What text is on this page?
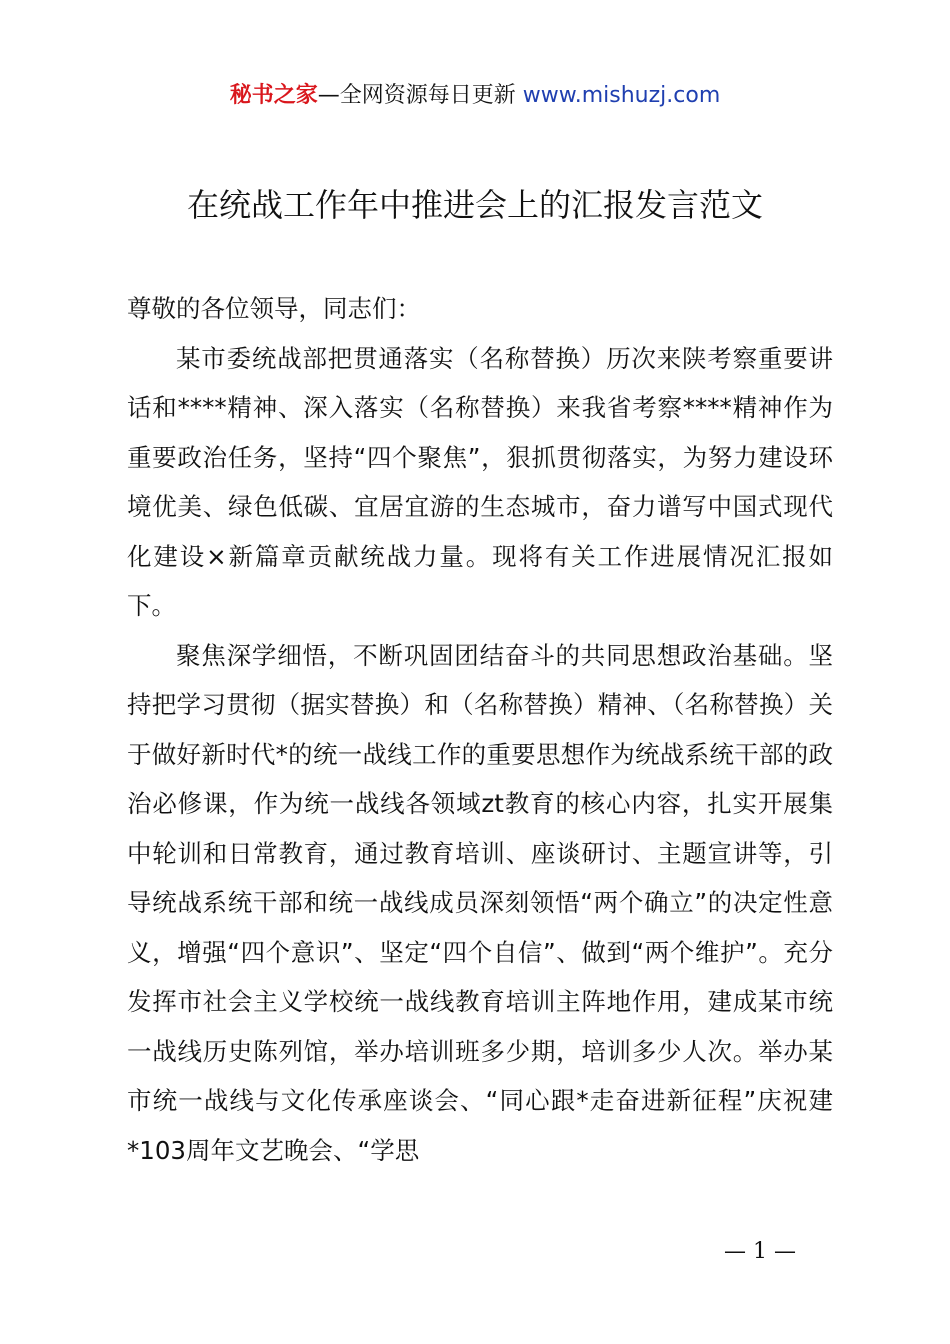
秘书之家—全网资源每日更新 www.mishuzj.com
在统战工作年中推进会上的汇报发言范文

尊敬的各位领导，同志们：

某市委统战部把贯通落实（名称替换）历次来陕考察重要讲话和****精神、深入落实（名称替换）来我省考察****精神作为重要政治任务，坚持“四个聚焦”，狠抓贯彻落实，为努力建设环境优美、绿色低碳、宜居宜游的生态城市，奋力谱写中国式现代化建设×新篇章贡献统战力量。现将有关工作进展情况汇报如下。

聚焦深学细悟，不断巩固团结奋斗的共同思想政治基础。坚持把学习贯彻（据实替换）和（名称替换）精神、（名称替换）关于做好新时代*的统一战线工作的重要思想作为统战系统干部的政治必修课，作为统一战线各领域zt教育的核心内容，扎实开展集中轮训和日常教育，通过教育培训、座谈研讨、主题宣讲等，引导统战系统干部和统一战线成员深刻领悟“两个确立”的决定性意义，增强“四个意识”、坚定“四个自信”、做到“两个维护”。充分发挥市社会主义学校统一战线教育培训主阵地作用，建成某市统一战线历史陈列馆，举办培训班多少期，培训多少人次。举办某市统一战线与文化传承座谈会、“同心跟*走奋进新征程”庆祝建*103周年文艺晚会、“学思

— 1 —
